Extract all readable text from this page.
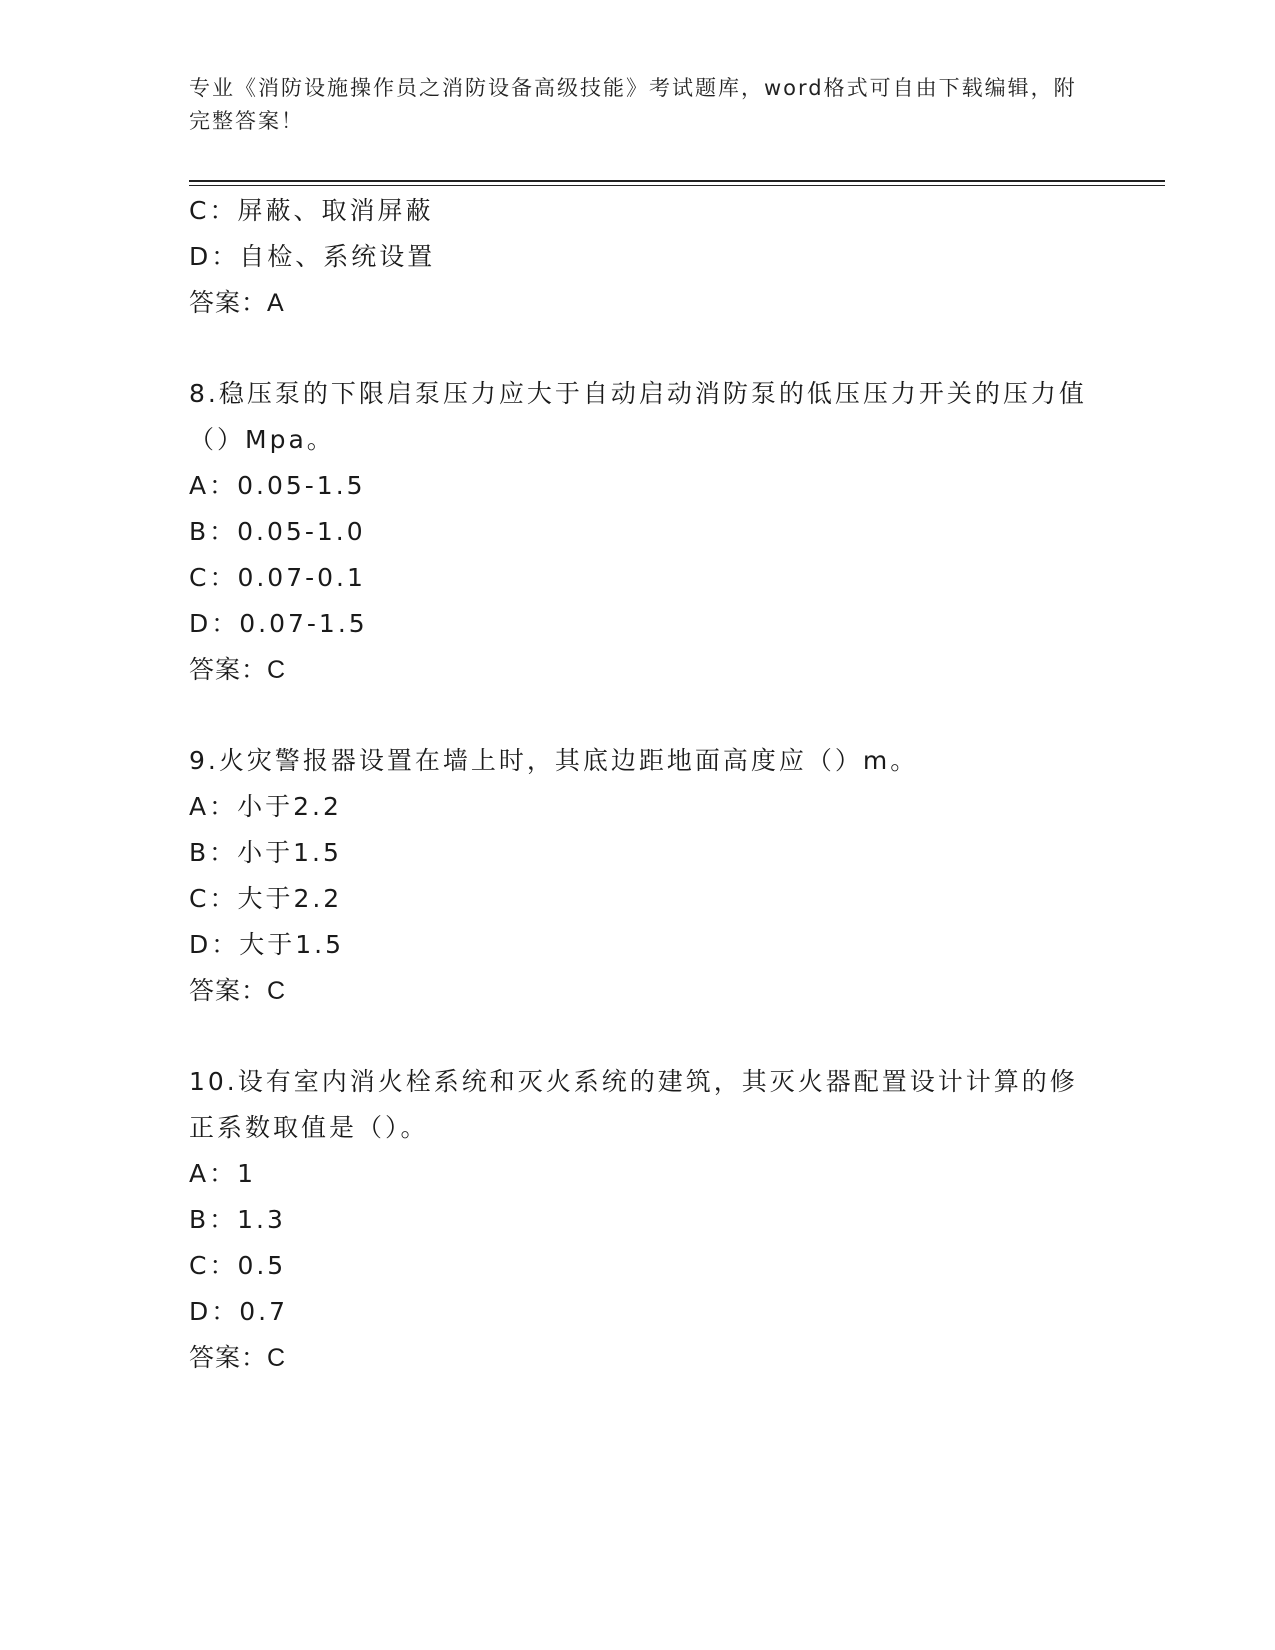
专业《消防设施操作员之消防设备高级技能》考试题库，word格式可自由下载编辑，附完整答案！
C：屏蔽、取消屏蔽
D：自检、系统设置
答案：A
8.稳压泵的下限启泵压力应大于自动启动消防泵的低压压力开关的压力值（）Mpa。
A：0.05-1.5
B：0.05-1.0
C：0.07-0.1
D：0.07-1.5
答案：C
9.火灾警报器设置在墙上时，其底边距地面高度应（）m。
A：小于2.2
B：小于1.5
C：大于2.2
D：大于1.5
答案：C
10.设有室内消火栓系统和灭火系统的建筑，其灭火器配置设计计算的修正系数取值是（）。
A：1
B：1.3
C：0.5
D：0.7
答案：C
